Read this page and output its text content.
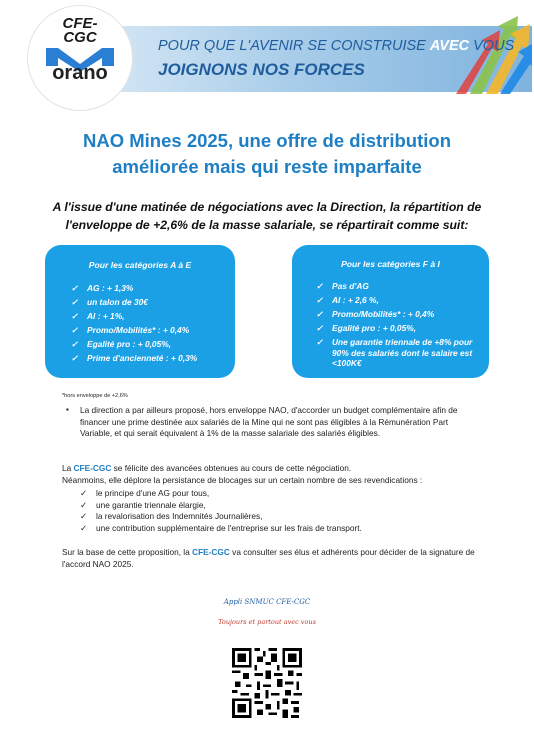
CFE-CGC
orano
POUR QUE L'AVENIR SE CONSTRUISE AVEC VOUS
JOIGNONS NOS FORCES
NAO Mines 2025, une offre de distribution
améliorée mais qui reste imparfaite
A l'issue d'une matinée de négociations avec la Direction, la répartition de
l'enveloppe de +2,6% de la masse salariale, se répartirait comme suit:
Pour les catégories A à E
✓ AG : + 1,3%
✓ un talon de 30€
✓ AI : + 1%,
✓ Promo/Mobilités* : + 0,4%
✓ Egalité pro : + 0,05%,
✓ Prime d'ancienneté : + 0,3%
Pour les catégories F à I
✓ Pas d'AG
✓ AI : + 2,6 %,
✓ Promo/Mobilités* : + 0,4%
✓ Egalité pro : + 0,05%,
✓ Une garantie triennale de +8% pour 90% des salariés dont le salaire est <100K€
*hors enveloppe de +2,6%
▪ La direction a par ailleurs proposé, hors enveloppe NAO, d'accorder un budget complémentaire afin de financer une prime destinée aux salariés de la Mine qui ne sont pas éligibles à la Rémunération Part Variable, et qui serait équivalent à 1% de la masse salariale des salariés éligibles.
La CFE-CGC se félicite des avancées obtenues au cours de cette négociation.
Néanmoins, elle déplore la persistance de blocages sur un certain nombre de ses revendications :
✓ le principe d'une AG pour tous,
✓ une garantie triennale élargie,
✓ la revalorisation des Indemnités Journalières,
✓ une contribution supplémentaire de l'entreprise sur les frais de transport.
Sur la base de cette proposition, la CFE-CGC va consulter ses élus et adhérents pour décider de la signature de l'accord NAO 2025.
Appli SNMUC CFE-CGC
Toujours et partout avec vous
